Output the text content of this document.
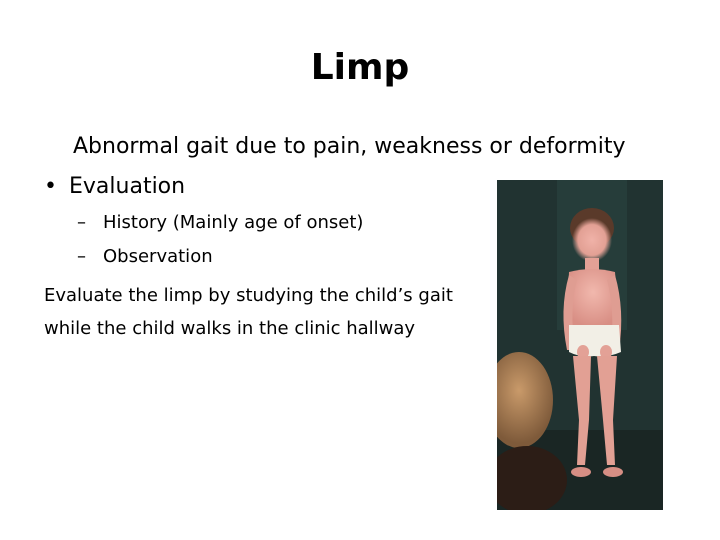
Limp
Abnormal gait due to pain, weakness or deformity
• Evaluation
– History (Mainly age of onset)
– Observation
Evaluate the limp by studying the child’s gait
while the child walks in the clinic hallway
